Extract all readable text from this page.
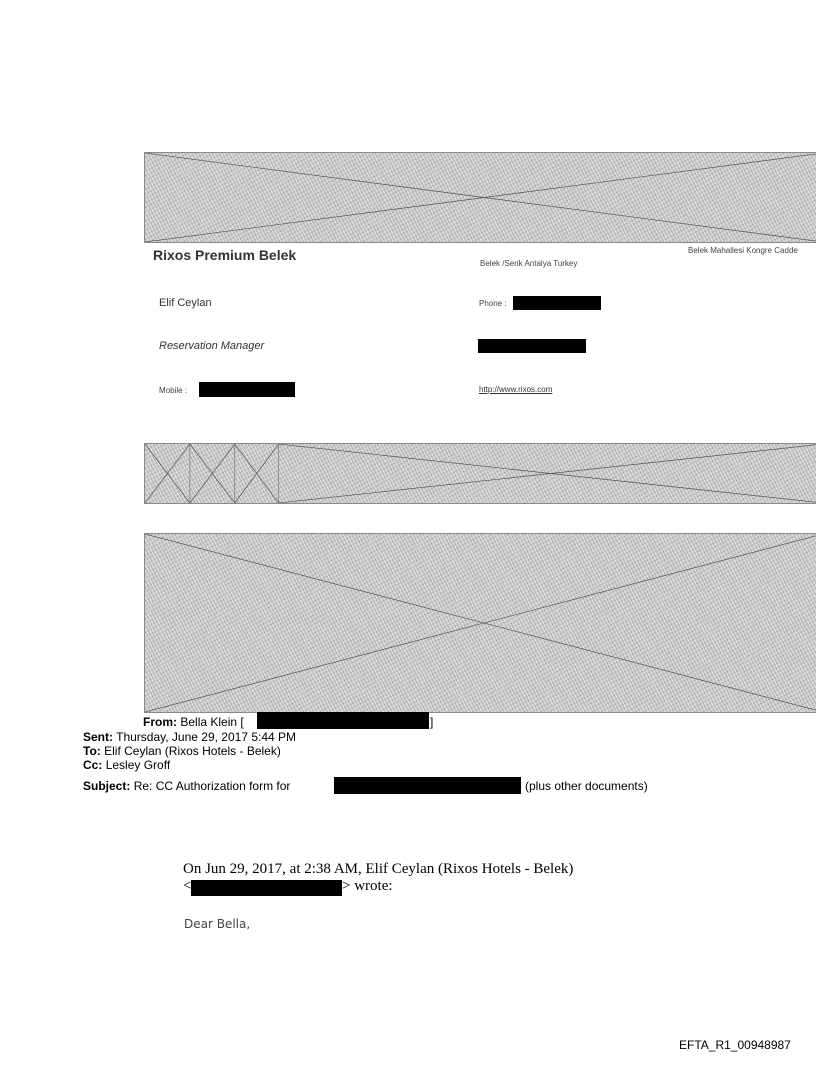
Rixos Premium Belek	Belek Mahallesi Kongre Cadde
Belek /Serik Antalya Turkey
Elif Ceylan	Phone :
Reservation Manager
Mobile :	http://www.rixos.com
From: Bella Klein [	]
Sent: Thursday, June 29, 2017 5:44 PM
To: Elif Ceylan (Rixos Hotels - Belek)
Cc: Lesley Groff
Subject: Re: CC Authorization form for	(plus other documents)
On Jun 29, 2017, at 2:38 AM, Elif Ceylan (Rixos Hotels - Belek)
<	> wrote:
Dear Bella,
EFTA_R1_00948987
